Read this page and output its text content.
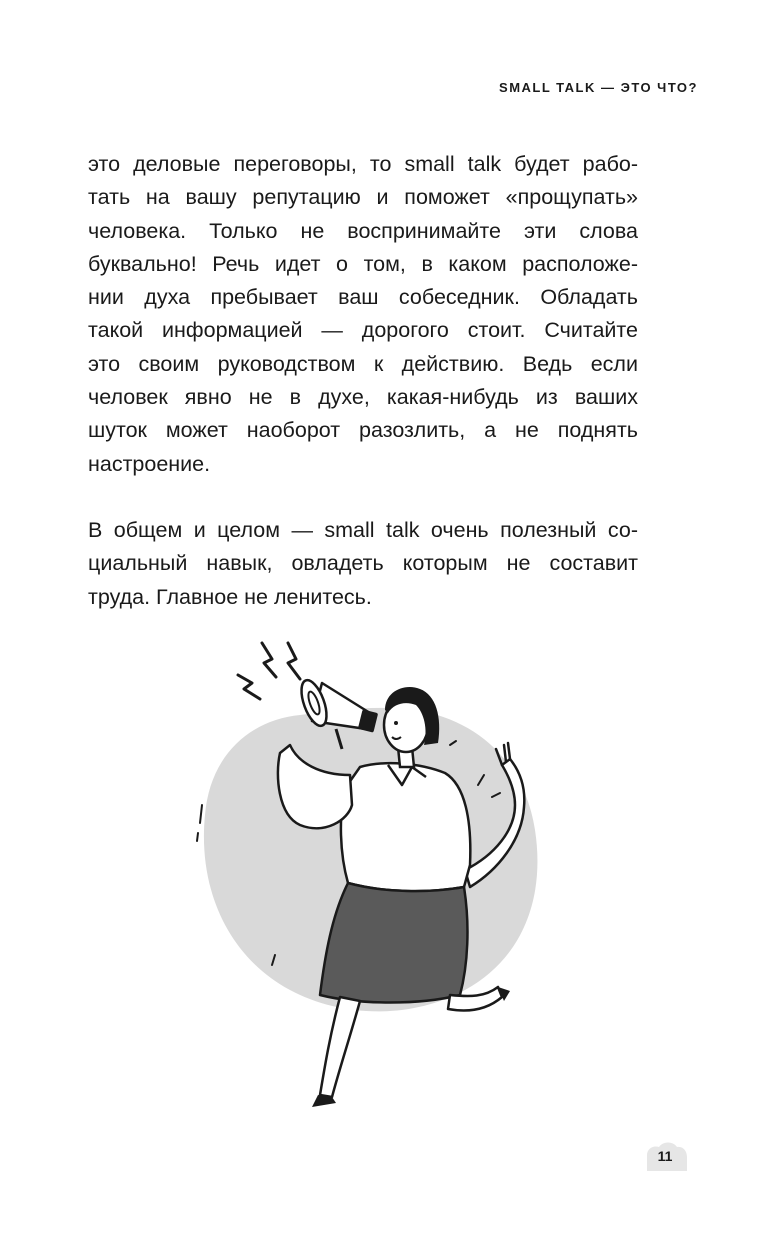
SMALL TALK — ЭТО ЧТО?
это деловые переговоры, то small talk будет рабо-
тать на вашу репутацию и поможет «прощупать»
человека. Только не воспринимайте эти слова
буквально! Речь идет о том, в каком расположе-
нии духа пребывает ваш собеседник. Обладать
такой информацией — дорогого стоит. Считайте
это своим руководством к действию. Ведь если
человек явно не в духе, какая-нибудь из ваших
шуток может наоборот разозлить, а не поднять
настроение.
В общем и целом — small talk очень полезный со-
циальный навык, овладеть которым не составит
труда. Главное не ленитесь.
11
